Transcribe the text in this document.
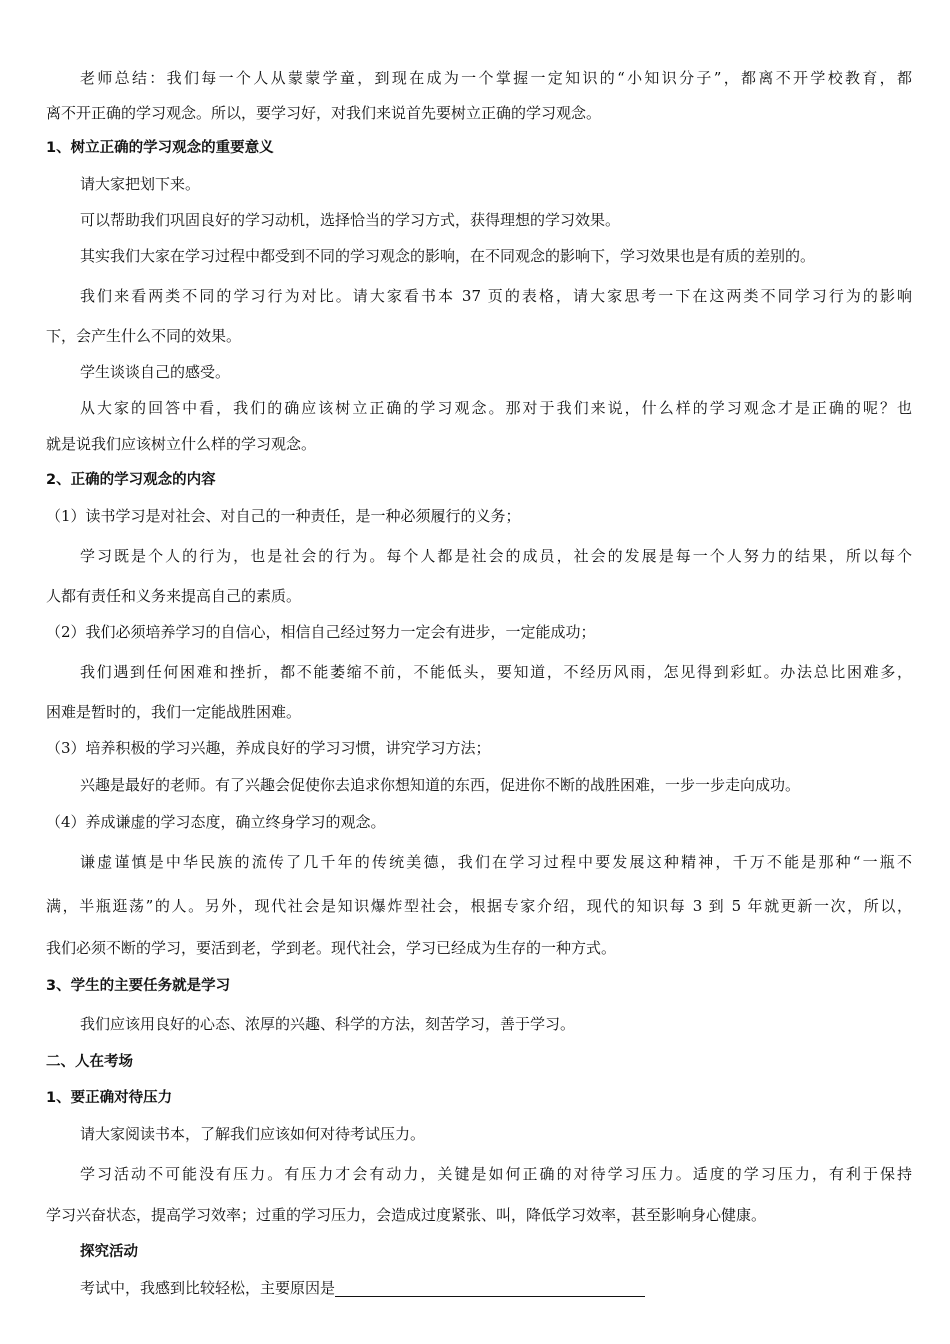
老师总结：我们每一个人从蒙蒙学童，到现在成为一个掌握一定知识的“小知识分子”，都离不开学校教育，都
离不开正确的学习观念。所以，要学习好，对我们来说首先要树立正确的学习观念。
1、树立正确的学习观念的重要意义
请大家把划下来。
可以帮助我们巩固良好的学习动机，选择恰当的学习方式，获得理想的学习效果。
其实我们大家在学习过程中都受到不同的学习观念的影响，在不同观念的影响下，学习效果也是有质的差别的。
我们来看两类不同的学习行为对比。请大家看书本 37 页的表格，请大家思考一下在这两类不同学习行为的影响
下，会产生什么不同的效果。
学生谈谈自己的感受。
从大家的回答中看，我们的确应该树立正确的学习观念。那对于我们来说，什么样的学习观念才是正确的呢？也
就是说我们应该树立什么样的学习观念。
2、正确的学习观念的内容
（1）读书学习是对社会、对自己的一种责任，是一种必须履行的义务；
学习既是个人的行为，也是社会的行为。每个人都是社会的成员，社会的发展是每一个人努力的结果，所以每个
人都有责任和义务来提高自己的素质。
（2）我们必须培养学习的自信心，相信自己经过努力一定会有进步，一定能成功；
我们遇到任何困难和挫折，都不能萎缩不前，不能低头，要知道，不经历风雨，怎见得到彩虹。办法总比困难多，
困难是暂时的，我们一定能战胜困难。
（3）培养积极的学习兴趣，养成良好的学习习惯，讲究学习方法；
兴趣是最好的老师。有了兴趣会促使你去追求你想知道的东西，促进你不断的战胜困难，一步一步走向成功。
（4）养成谦虚的学习态度，确立终身学习的观念。
谦虚谨慎是中华民族的流传了几千年的传统美德，我们在学习过程中要发展这种精神，千万不能是那种“一瓶不
满，半瓶逛荡”的人。另外，现代社会是知识爆炸型社会，根据专家介绍，现代的知识每 3 到 5 年就更新一次，所以，
我们必须不断的学习，要活到老，学到老。现代社会，学习已经成为生存的一种方式。
3、学生的主要任务就是学习
我们应该用良好的心态、浓厚的兴趣、科学的方法，刻苦学习，善于学习。
二、人在考场
1、要正确对待压力
请大家阅读书本，了解我们应该如何对待考试压力。
学习活动不可能没有压力。有压力才会有动力，关键是如何正确的对待学习压力。适度的学习压力，有利于保持
学习兴奋状态，提高学习效率；过重的学习压力，会造成过度紧张、叫，降低学习效率，甚至影响身心健康。
探究活动
考试中，我感到比较轻松，主要原因是
